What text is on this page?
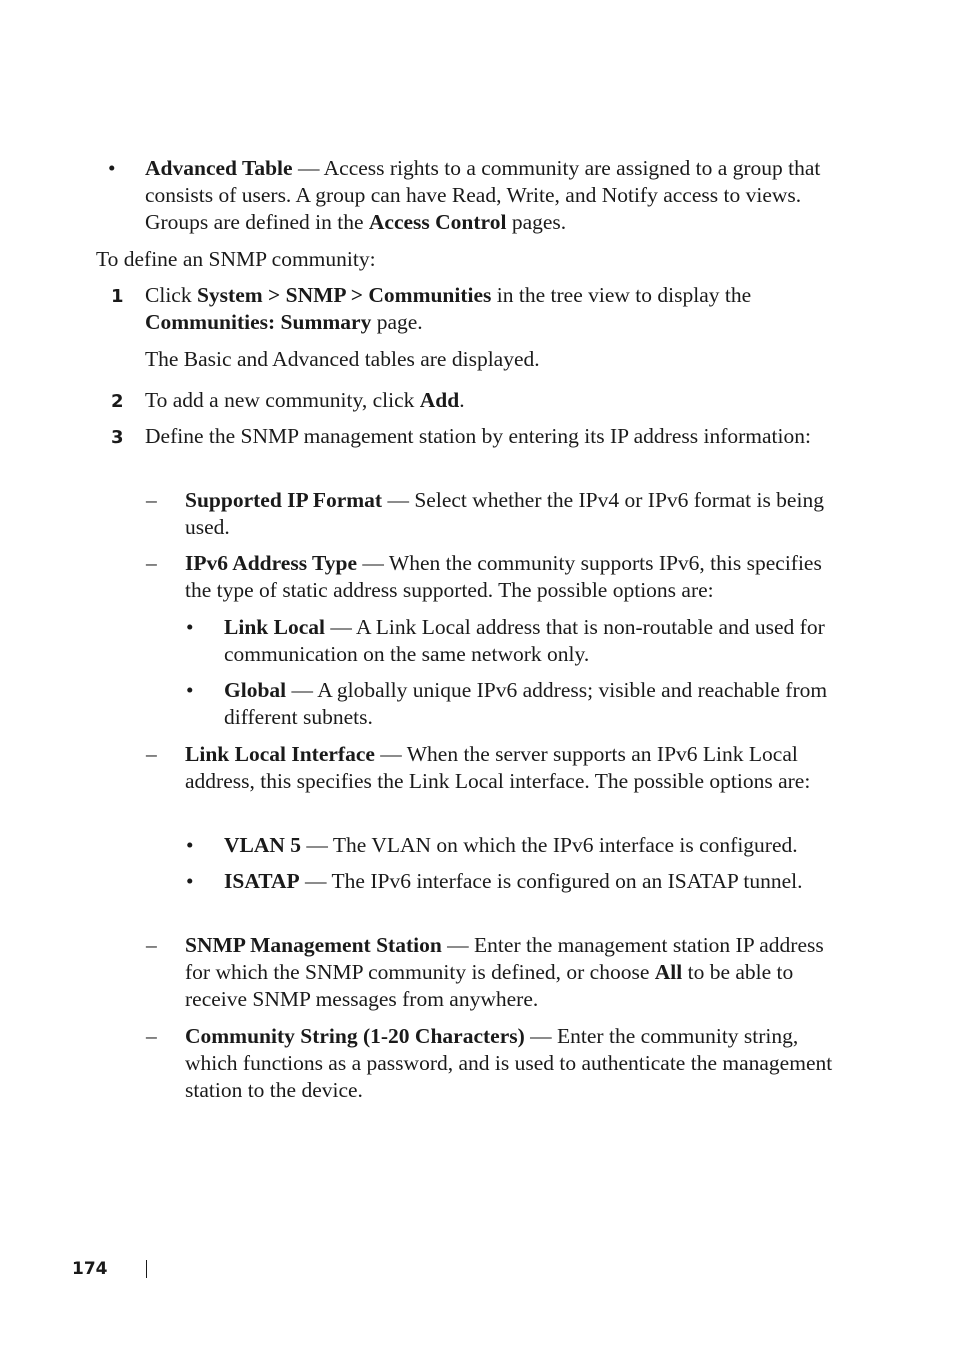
• Advanced Table — Access rights to a community are assigned to a group that consists of users. A group can have Read, Write, and Notify access to views. Groups are defined in the Access Control pages.
To define an SNMP community:
1 Click System > SNMP > Communities in the tree view to display the Communities: Summary page.
The Basic and Advanced tables are displayed.
2 To add a new community, click Add.
3 Define the SNMP management station by entering its IP address information:
– Supported IP Format — Select whether the IPv4 or IPv6 format is being used.
– IPv6 Address Type — When the community supports IPv6, this specifies the type of static address supported. The possible options are:
• Link Local — A Link Local address that is non-routable and used for communication on the same network only.
• Global — A globally unique IPv6 address; visible and reachable from different subnets.
– Link Local Interface — When the server supports an IPv6 Link Local address, this specifies the Link Local interface. The possible options are:
• VLAN 5 — The VLAN on which the IPv6 interface is configured.
• ISATAP — The IPv6 interface is configured on an ISATAP tunnel.
– SNMP Management Station — Enter the management station IP address for which the SNMP community is defined, or choose All to be able to receive SNMP messages from anywhere.
– Community String (1-20 Characters) — Enter the community string, which functions as a password, and is used to authenticate the management station to the device.
174
